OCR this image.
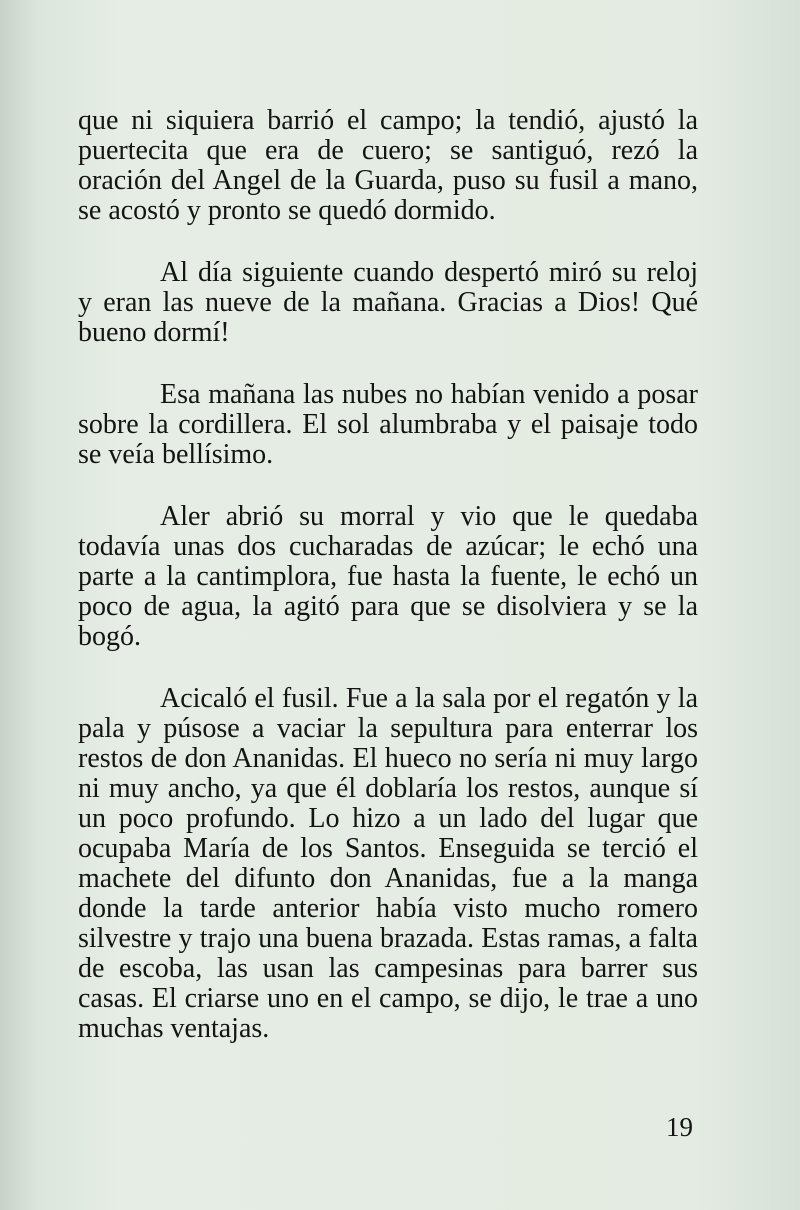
que ni siquiera barrió el campo; la tendió, ajustó la puertecita que era de cuero; se santiguó, rezó la oración del Angel de la Guarda, puso su fusil a mano, se acostó y pronto se quedó dormido.

Al día siguiente cuando despertó miró su reloj y eran las nueve de la mañana. Gracias a Dios! Qué bueno dormí!

Esa mañana las nubes no habían venido a posar sobre la cordillera. El sol alumbraba y el paisaje todo se veía bellísimo.

Aler abrió su morral y vio que le quedaba todavía unas dos cucharadas de azúcar; le echó una parte a la cantimplora, fue hasta la fuente, le echó un poco de agua, la agitó para que se disolviera y se la bogó.

Acicaló el fusil. Fue a la sala por el regatón y la pala y púsose a vaciar la sepultura para enterrar los restos de don Ananidas. El hueco no sería ni muy largo ni muy ancho, ya que él doblaría los restos, aunque sí un poco profundo. Lo hizo a un lado del lugar que ocupaba María de los Santos. Enseguida se terció el machete del difunto don Ananidas, fue a la manga donde la tarde anterior había visto mucho romero silvestre y trajo una buena brazada. Estas ramas, a falta de escoba, las usan las campesinas para barrer sus casas. El criarse uno en el campo, se dijo, le trae a uno muchas ventajas.

19
